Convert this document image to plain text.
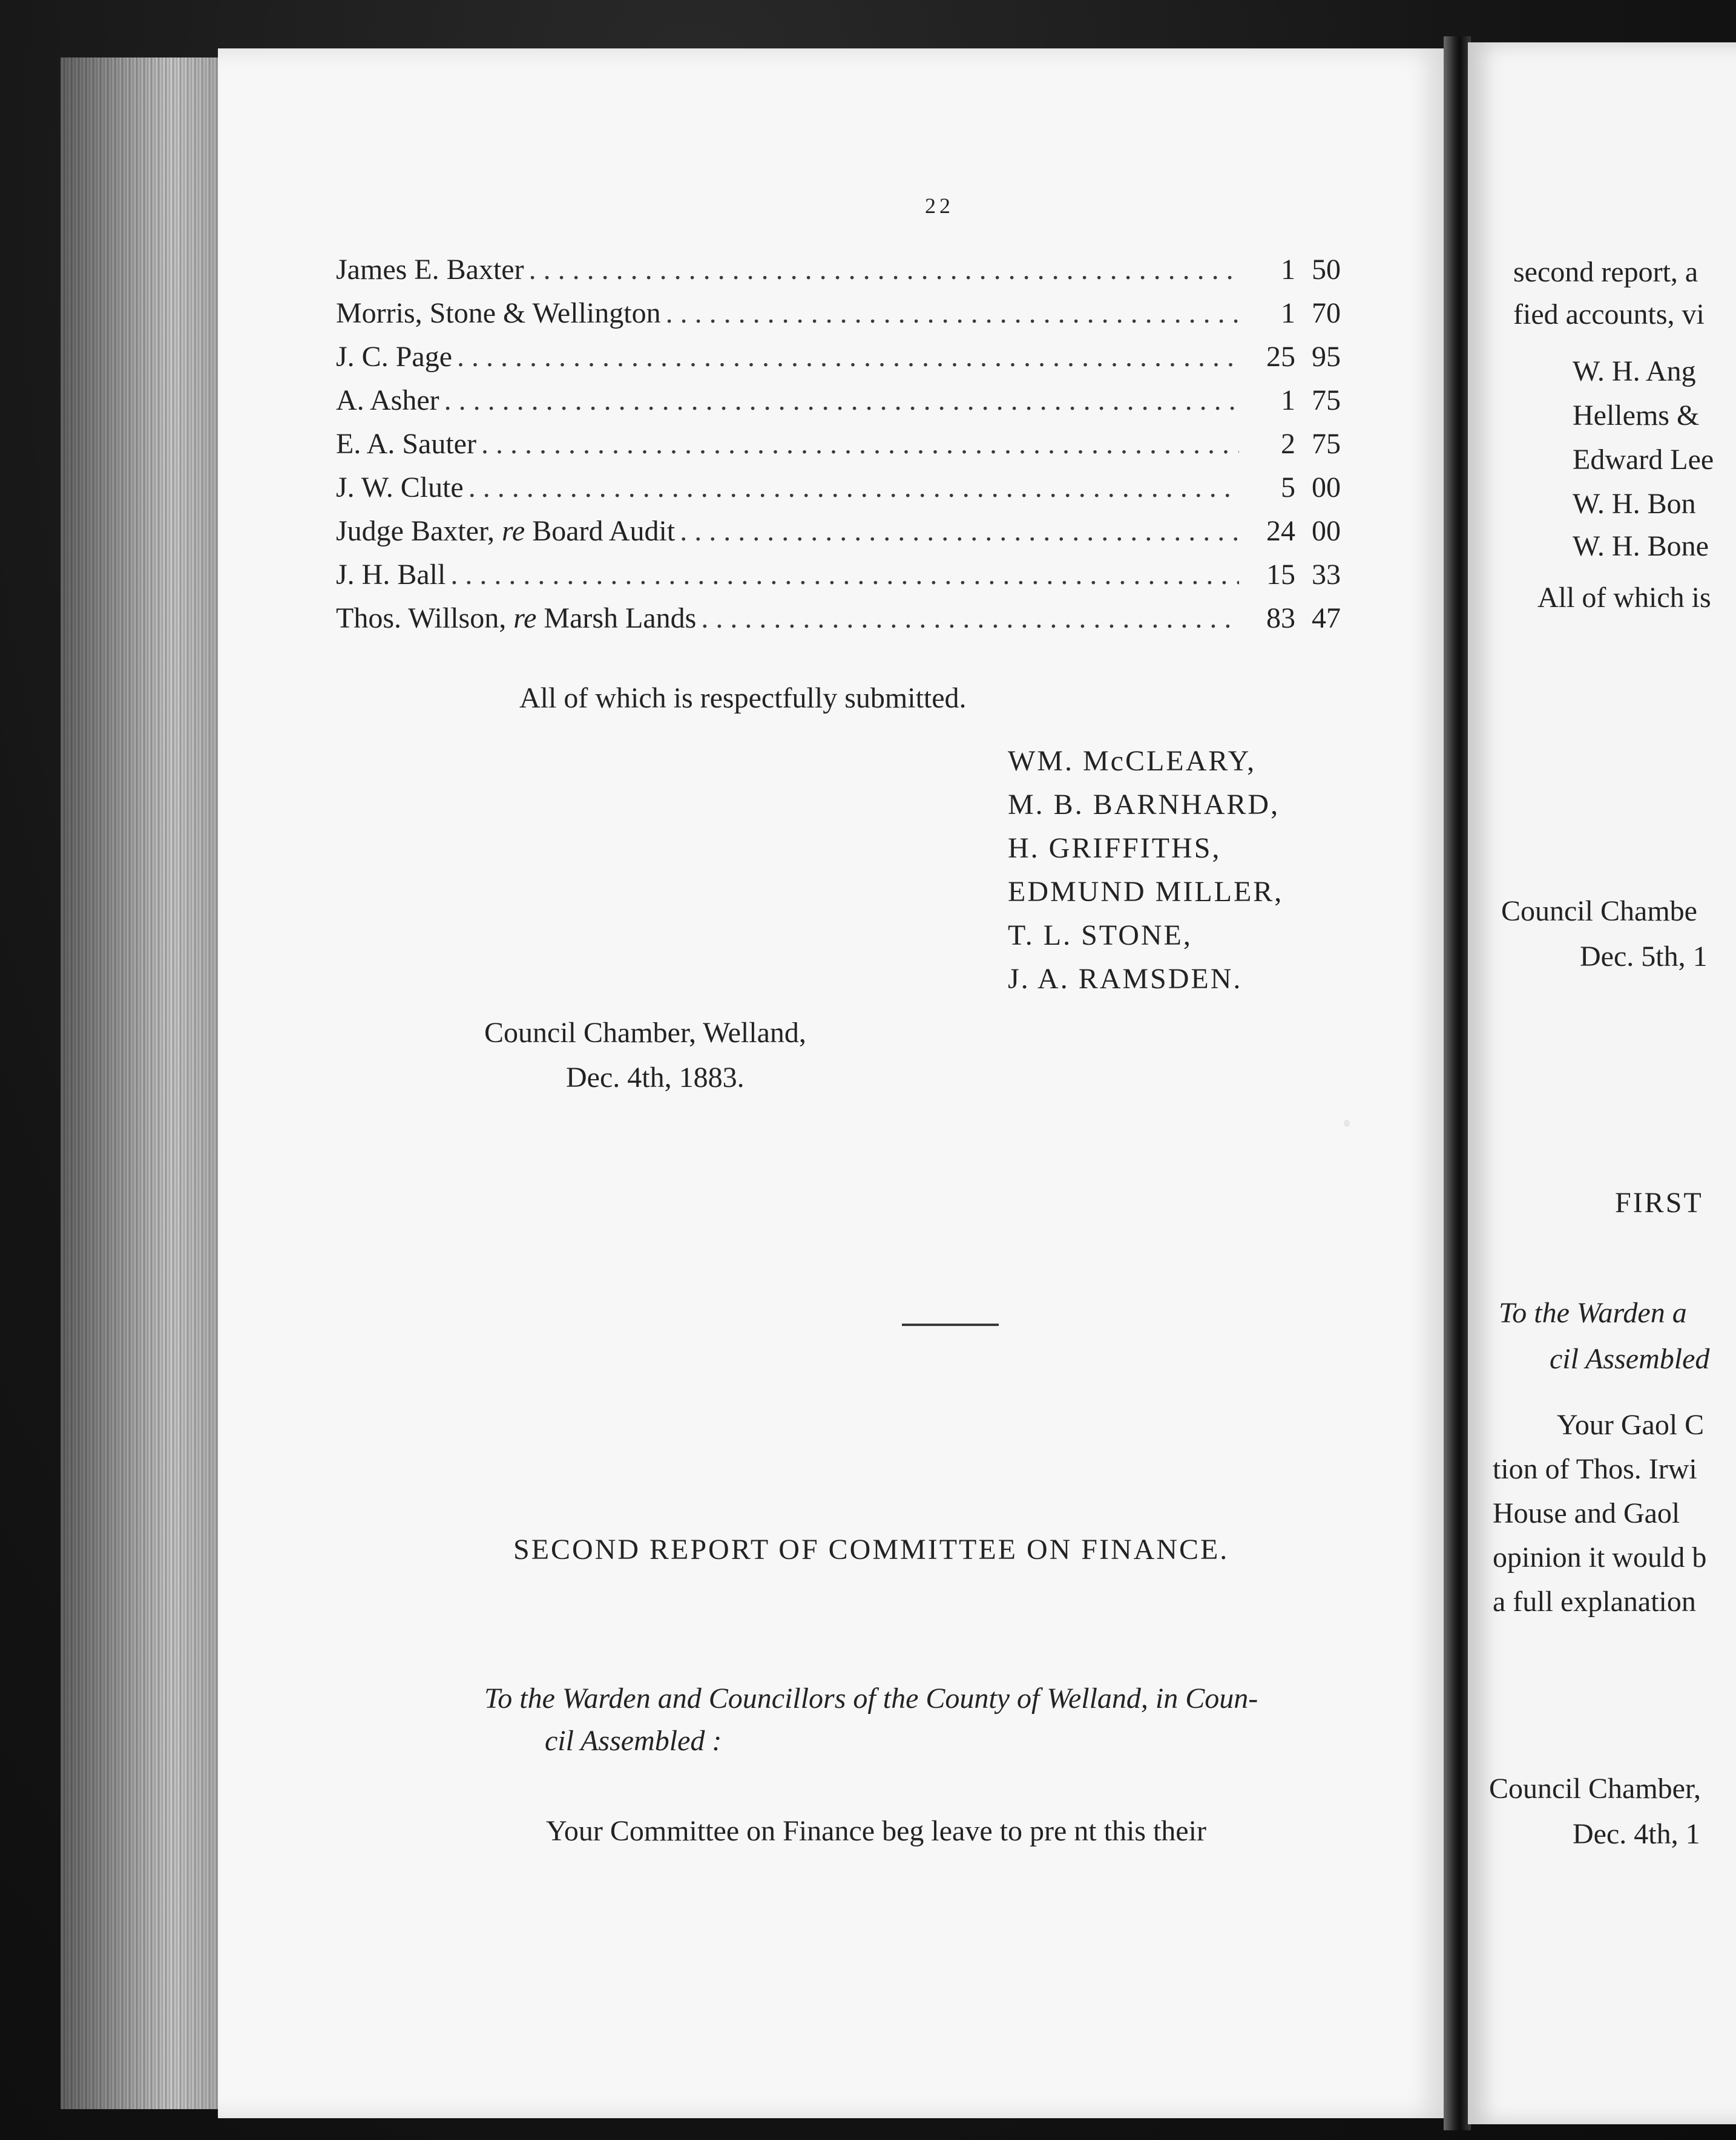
22
James E. Baxter . . .	1 50
Morris, Stone & Wellington . . .	1 70
J. C. Page . . .	25 95
A. Asher . . .	1 75
E. A. Sauter . . .	2 75
J. W. Clute . . .	5 00
Judge Baxter, re Board Audit . . .	24 00
J. H. Ball . . .	15 33
Thos. Willson, re Marsh Lands . . .	83 47
All of which is respectfully submitted.
WM. McCLEARY,
M. B. BARNHARD,
H. GRIFFITHS,
EDMUND MILLER,
T. L. STONE,
J. A. RAMSDEN.
Council Chamber, Welland,
Dec. 4th, 1883.
SECOND REPORT OF COMMITTEE ON FINANCE.
To the Warden and Councillors of the County of Welland, in Coun-
cil Assembled :
Your Committee on Finance beg leave to pre nt this their
second report, a
fied accounts, vi
W. H. Ang
Hellems &
Edward Lee
W. H. Bon
W. H. Bone
All of which is
Council Chambe
Dec. 5th, 1
FIRST
To the Warden a
cil Assembled
Your Gaol C
tion of Thos. Irwi
House and Gaol
opinion it would b
a full explanation
Council Chamber,
Dec. 4th, 1
